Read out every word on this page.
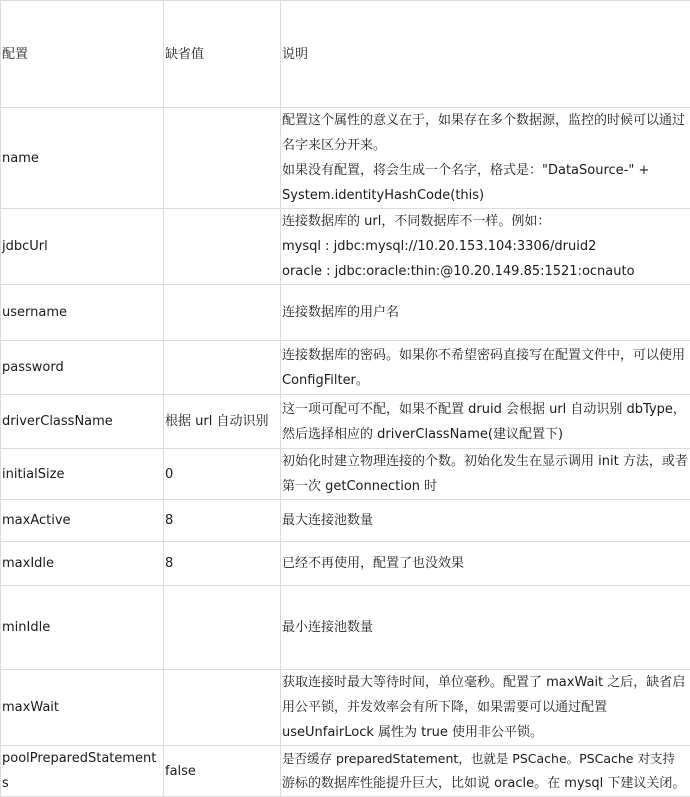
配置	缺省值	说明
name		配置这个属性的意义在于，如果存在多个数据源，监控的时候可以通过
名字来区分开来。
如果没有配置，将会生成一个名字，格式是："DataSource-" +
System.identityHashCode(this)

jdbcUrl		连接数据库的 url，不同数据库不一样。例如：
mysql : jdbc:mysql://10.20.153.104:3306/druid2
oracle : jdbc:oracle:thin:@10.20.149.85:1521:ocnauto

username		连接数据库的用户名

password		连接数据库的密码。如果你不希望密码直接写在配置文件中，可以使用
ConfigFilter。

driverClassName	根据 url 自动识别	这一项可配可不配，如果不配置 druid 会根据 url 自动识别 dbType，
然后选择相应的 driverClassName(建议配置下)

initialSize	0	初始化时建立物理连接的个数。初始化发生在显示调用 init 方法，或者
第一次 getConnection 时

maxActive	8	最大连接池数量

maxIdle	8	已经不再使用，配置了也没效果

minIdle		最小连接池数量

maxWait		获取连接时最大等待时间，单位毫秒。配置了 maxWait 之后，缺省启
用公平锁，并发效率会有所下降，如果需要可以通过配置
useUnfairLock 属性为 true 使用非公平锁。

poolPreparedStatements	false	是否缓存 preparedStatement，也就是 PSCache。PSCache 对支持
游标的数据库性能提升巨大，比如说 oracle。在 mysql 下建议关闭。
